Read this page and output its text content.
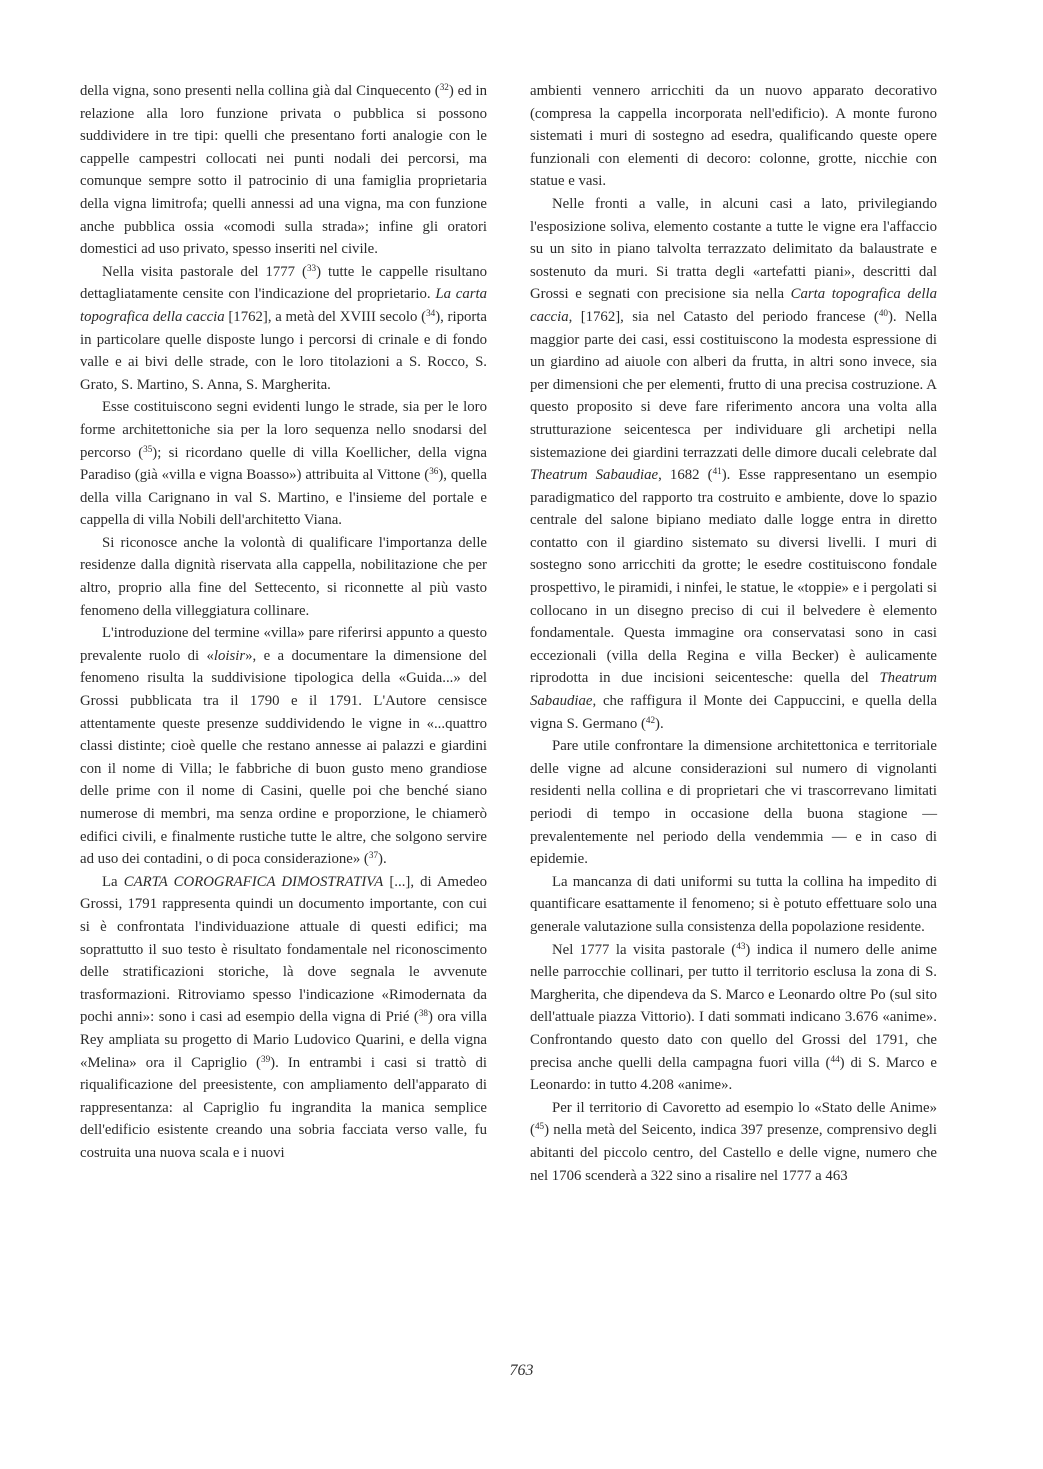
della vigna, sono presenti nella collina già dal Cinquecento ($^{32}$) ed in relazione alla loro funzione privata o pubblica si possono suddividere in tre tipi: quelli che presentano forti analogie con le cappelle campestri collocati nei punti nodali dei percorsi, ma comunque sempre sotto il patrocinio di una famiglia proprietaria della vigna limitrofa; quelli annessi ad una vigna, ma con funzione anche pubblica ossia «comodi sulla strada»; infine gli oratori domestici ad uso privato, spesso inseriti nel civile.

Nella visita pastorale del 1777 ($^{33}$) tutte le cappelle risultano dettagliatamente censite con l'indicazione del proprietario. La carta topografica della caccia [1762], a metà del XVIII secolo ($^{34}$), riporta in particolare quelle disposte lungo i percorsi di crinale e di fondo valle e ai bivi delle strade, con le loro titolazioni a S. Rocco, S. Grato, S. Martino, S. Anna, S. Margherita.

Esse costituiscono segni evidenti lungo le strade, sia per le loro forme architettoniche sia per la loro sequenza nello snodarsi del percorso ($^{35}$); si ricordano quelle di villa Koellicher, della vigna Paradiso (già «villa e vigna Boasso») attribuita al Vittone ($^{36}$), quella della villa Carignano in val S. Martino, e l'insieme del portale e cappella di villa Nobili dell'architetto Viana.

Si riconosce anche la volontà di qualificare l'importanza delle residenze dalla dignità riservata alla cappella, nobilitazione che per altro, proprio alla fine del Settecento, si riconnette al più vasto fenomeno della villeggiatura collinare.

L'introduzione del termine «villa» pare riferirsi appunto a questo prevalente ruolo di «loisir», e a documentare la dimensione del fenomeno risulta la suddivisione tipologica della «Guida...» del Grossi pubblicata tra il 1790 e il 1791. L'Autore censisce attentamente queste presenze suddividendo le vigne in «...quattro classi distinte; cioè quelle che restano annesse ai palazzi e giardini con il nome di Villa; le fabbriche di buon gusto meno grandiose delle prime con il nome di Casini, quelle poi che benché siano numerose di membri, ma senza ordine e proporzione, le chiamerò edifici civili, e finalmente rustiche tutte le altre, che solgono servire ad uso dei contadini, o di poca considerazione» ($^{37}$).

La CARTA COROGRAFICA DIMOSTRATIVA [...], di Amedeo Grossi, 1791 rappresenta quindi un documento importante, con cui si è confrontata l'individuazione attuale di questi edifici; ma soprattutto il suo testo è risultato fondamentale nel riconoscimento delle stratificazioni storiche, là dove segnala le avvenute trasformazioni. Ritroviamo spesso l'indicazione «Rimodernata da pochi anni»: sono i casi ad esempio della vigna di Prié ($^{38}$) ora villa Rey ampliata su progetto di Mario Ludovico Quarini, e della vigna «Melina» ora il Capriglio ($^{39}$). In entrambi i casi si trattò di riqualificazione del preesistente, con ampliamento dell'apparato di rappresentanza: al Capriglio fu ingrandita la manica semplice dell'edificio esistente creando una sobria facciata verso valle, fu costruita una nuova scala e i nuovi

ambienti vennero arricchiti da un nuovo apparato decorativo (compresa la cappella incorporata nell'edificio). A monte furono sistemati i muri di sostegno ad esedra, qualificando queste opere funzionali con elementi di decoro: colonne, grotte, nicchie con statue e vasi.

Nelle fronti a valle, in alcuni casi a lato, privilegiando l'esposizione soliva, elemento costante a tutte le vigne era l'affaccio su un sito in piano talvolta terrazzato delimitato da balaustrate e sostenuto da muri. Si tratta degli «artefatti piani», descritti dal Grossi e segnati con precisione sia nella Carta topografica della caccia, [1762], sia nel Catasto del periodo francese ($^{40}$). Nella maggior parte dei casi, essi costituiscono la modesta espressione di un giardino ad aiuole con alberi da frutta, in altri sono invece, sia per dimensioni che per elementi, frutto di una precisa costruzione. A questo proposito si deve fare riferimento ancora una volta alla strutturazione seicentesca per individuare gli archetipi nella sistemazione dei giardini terrazzati delle dimore ducali celebrate dal Theatrum Sabaudiae, 1682 ($^{41}$). Esse rappresentano un esempio paradigmatico del rapporto tra costruito e ambiente, dove lo spazio centrale del salone bipiano mediato dalle logge entra in diretto contatto con il giardino sistemato su diversi livelli. I muri di sostegno sono arricchiti da grotte; le esedre costituiscono fondale prospettivo, le piramidi, i ninfei, le statue, le «toppie» e i pergolati si collocano in un disegno preciso di cui il belvedere è elemento fondamentale. Questa immagine ora conservatasi sono in casi eccezionali (villa della Regina e villa Becker) è aulicamente riprodotta in due incisioni seicentesche: quella del Theatrum Sabaudiae, che raffigura il Monte dei Cappuccini, e quella della vigna S. Germano ($^{42}$).

Pare utile confrontare la dimensione architettonica e territoriale delle vigne ad alcune considerazioni sul numero di vignolanti residenti nella collina e di proprietari che vi trascorrevano limitati periodi di tempo in occasione della buona stagione — prevalentemente nel periodo della vendemmia — e in caso di epidemie.

La mancanza di dati uniformi su tutta la collina ha impedito di quantificare esattamente il fenomeno; si è potuto effettuare solo una generale valutazione sulla consistenza della popolazione residente.

Nel 1777 la visita pastorale ($^{43}$) indica il numero delle anime nelle parrocchie collinari, per tutto il territorio esclusa la zona di S. Margherita, che dipendeva da S. Marco e Leonardo oltre Po (sul sito dell'attuale piazza Vittorio). I dati sommati indicano 3.676 «anime». Confrontando questo dato con quello del Grossi del 1791, che precisa anche quelli della campagna fuori villa ($^{44}$) di S. Marco e Leonardo: in tutto 4.208 «anime».

Per il territorio di Cavoretto ad esempio lo «Stato delle Anime» ($^{45}$) nella metà del Seicento, indica 397 presenze, comprensivo degli abitanti del piccolo centro, del Castello e delle vigne, numero che nel 1706 scenderà a 322 sino a risalire nel 1777 a 463

763
